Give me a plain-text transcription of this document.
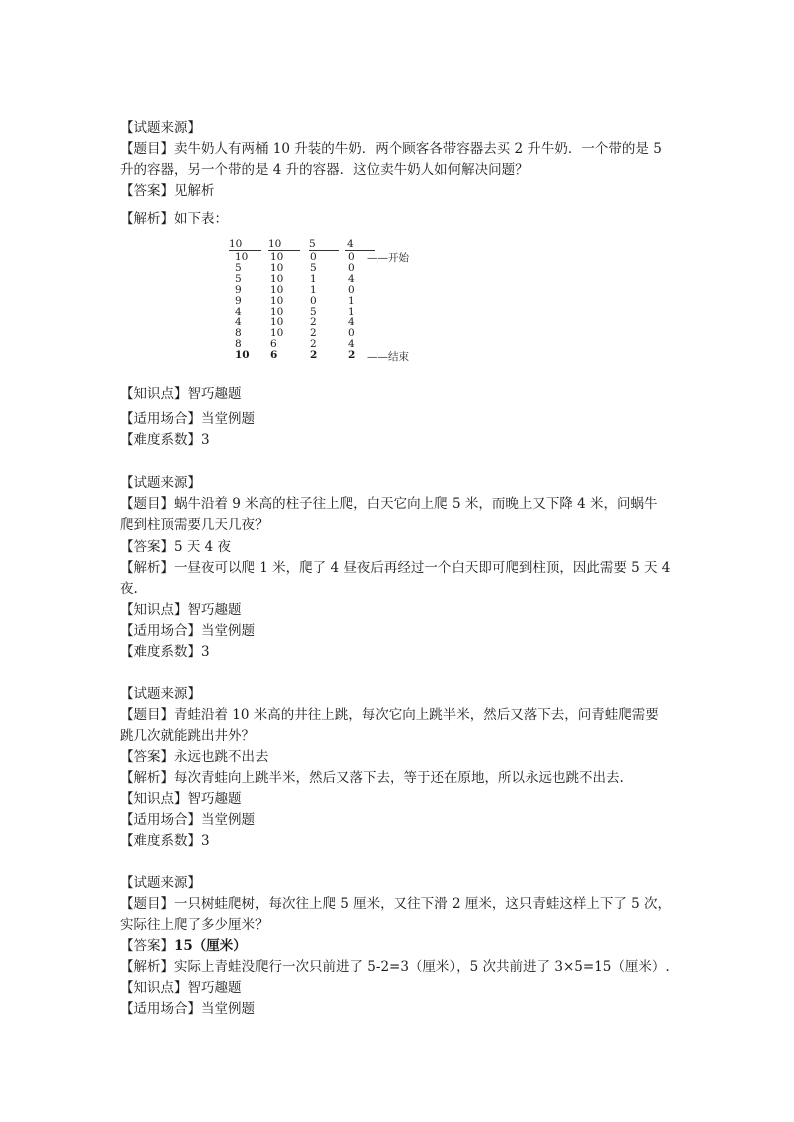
【试题来源】
【题目】卖牛奶人有两桶 10 升装的牛奶．两个顾客各带容器去买 2 升牛奶．一个带的是 5
升的容器，另一个带的是 4 升的容器．这位卖牛奶人如何解决问题？
【答案】见解析
【解析】如下表：
10 10	5	4
10	10	0	0
5	10	5	0
5	10	1	4
9	10	1	0
9	10	0	1
4	10	5	1
4	10	2	4
8	10	2	0
8	6	2	4
10	6	2	2
——开始
——结束
【知识点】智巧趣题
【适用场合】当堂例题
【难度系数】3
【试题来源】
【题目】蜗牛沿着 9 米高的柱子往上爬，白天它向上爬 5 米，而晚上又下降 4 米，问蜗牛
爬到柱顶需要几天几夜？
【答案】5 天 4 夜
【解析】一昼夜可以爬 1 米，爬了 4 昼夜后再经过一个白天即可爬到柱顶，因此需要 5 天 4
夜.
【知识点】智巧趣题
【适用场合】当堂例题
【难度系数】3
【试题来源】
【题目】青蛙沿着 10 米高的井往上跳，每次它向上跳半米，然后又落下去，问青蛙爬需要
跳几次就能跳出井外？
【答案】永远也跳不出去
【解析】每次青蛙向上跳半米，然后又落下去，等于还在原地，所以永远也跳不出去.
【知识点】智巧趣题
【适用场合】当堂例题
【难度系数】3
【试题来源】
【题目】一只树蛙爬树，每次往上爬 5 厘米，又往下滑 2 厘米，这只青蛙这样上下了 5 次，
实际往上爬了多少厘米？
【答案】15（厘米）
【解析】实际上青蛙没爬行一次只前进了 5-2=3（厘米），5 次共前进了 3×5=15（厘米）.
【知识点】智巧趣题
【适用场合】当堂例题
